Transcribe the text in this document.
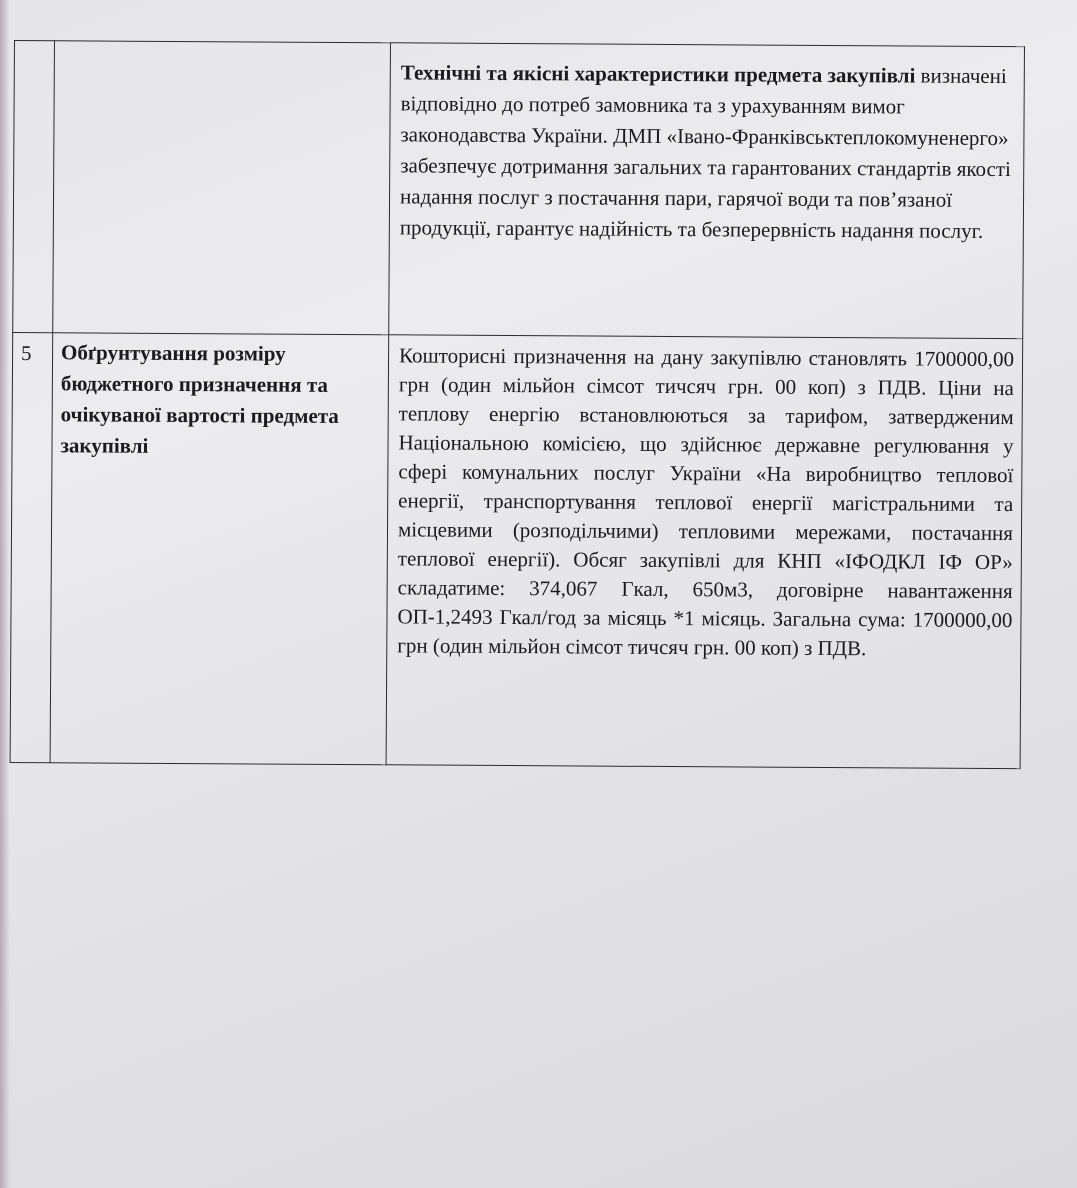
		Технічні та якісні характеристики предмета закупівлі визначені відповідно до потреб замовника та з урахуванням вимог законодавства України. ДМП «Івано-Франківськтеплокомуненерго» забезпечує дотримання загальних та гарантованих стандартів якості надання послуг з постачання пари, гарячої води та пов’язаної продукції, гарантує надійність та безперервність надання послуг.
5	Обґрунтування розміру бюджетного призначення та очікуваної вартості предмета закупівлі	Кошторисні призначення на дану закупівлю становлять 1700000,00 грн (один мільйон сімсот тичсяч грн. 00 коп) з ПДВ. Ціни на теплову енергію встановлюються за тарифом, затвердженим Національною комісією, що здійснює державне регулювання у сфері комунальних послуг України «На виробництво теплової енергії, транспортування теплової енергії магістральними та місцевими (розподільчими) тепловими мережами, постачання теплової енергії). Обсяг закупівлі для КНП «ІФОДКЛ ІФ ОР» складатиме: 374,067 Гкал, 650м3, договірне навантаження ОП-1,2493 Гкал/год за місяць *1 місяць. Загальна сума: 1700000,00 грн (один мільйон сімсот тичсяч грн. 00 коп) з ПДВ.
